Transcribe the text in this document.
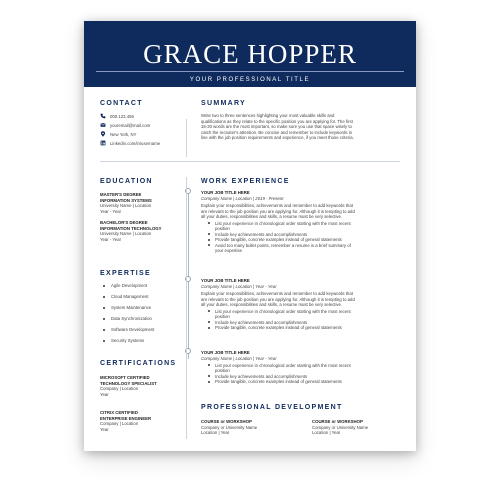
GRACE HOPPER
YOUR PROFESSIONAL TITLE
CONTACT	SUMMARY
EDUCATION	WORK EXPERIENCE
EXPERTISE
CERTIFICATIONS
PROFESSIONAL DEVELOPMENT
000.123.456
youremail@mail.com
New York, NY
Linkedin.com/in/username
Write two to three sentences highlighting your most valuable skills and
qualifications as they relate to the specific position you are applying for. The first
15-20 words are the most important, so make sure you use that space wisely to
catch the recruiter's attention. Be concise and remember to include keywords in
line with the job position requirements and experience, if you meet those criteria.
MASTER'S DEGREE
INFORMATION SYSTEMS
University Name | Location
Year - Year
BACHELOR'S DEGREE
INFORMATION TECHNOLOGY
University Name | Location
Year - Year
Agile Development
Cloud Management
System Maintenance
Data Synchronization
Software Development
Security Systems
MICROSOFT CERTIFIED
TECHNOLOGY SPECIALIST
Company | Location
Year
CITRIX CERTIFIED
ENTERPRISE ENGINEER
Company | Location
Year
YOUR JOB TITLE HERE
Company Name | Location | 2019 - Present
Explain your responsibilities, achievements and remember to add keywords that
are relevant to the job position you are applying for. Although it is tempting to add
all your duties, responsibilities and skills, a resume must be very selective.
List your experience in chronological order starting with the most recent
position
Include key achievements and accomplishments
Provide tangible, concrete examples instead of general statements
Avoid too many bullet points, remember a resume is a brief summary of
your expertise
YOUR JOB TITLE HERE
Company Name | Location | Year - Year
Explain your responsibilities, achievements and remember to add keywords that
are relevant to the job position you are applying for. Although it is tempting to add
all your duties, responsibilities and skills, a resume must be very selective.
List your experience in chronological order starting with the most recent
position
Include key achievements and accomplishments
Provide tangible, concrete examples instead of general statements
YOUR JOB TITLE HERE
Company Name | Location | Year - Year
List your experience in chronological order starting with the most recent
position
Include key achievements and accomplishments
Provide tangible, concrete examples instead of general statements
COURSE or WORKSHOP
Company or University Name
Location | Year
COURSE or WORKSHOP
Company or University Name
Location | Year
